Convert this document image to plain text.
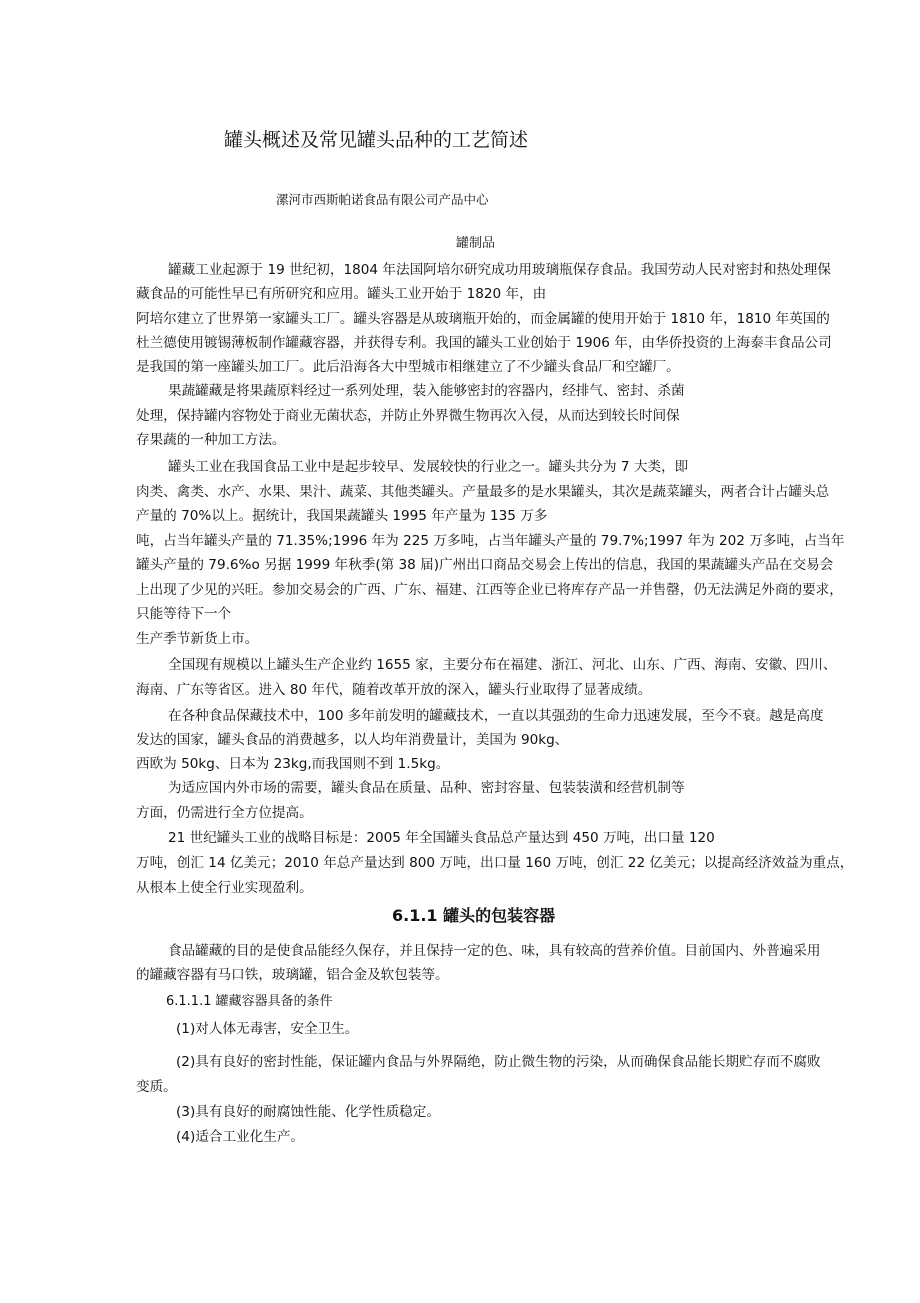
罐头概述及常见罐头品种的工艺简述
漯河市西斯帕诺食品有限公司产品中心
罐制品
罐藏工业起源于 19 世纪初，1804 年法国阿培尔研究成功用玻璃瓶保存食品。我国劳动人民对密封和热处理保
藏食品的可能性早已有所研究和应用。罐头工业开始于 1820 年，由
阿培尔建立了世界第一家罐头工厂。罐头容器是从玻璃瓶开始的，而金属罐的使用开始于 1810 年，1810 年英国的
杜兰德使用镀锡薄板制作罐藏容器，并获得专利。我国的罐头工业创始于 1906 年，由华侨投资的上海泰丰食品公司
是我国的第一座罐头加工厂。此后沿海各大中型城市相继建立了不少罐头食品厂和空罐厂。
果蔬罐藏是将果蔬原料经过一系列处理，装入能够密封的容器内，经排气、密封、杀菌
处理，保持罐内容物处于商业无菌状态，并防止外界微生物再次入侵，从而达到较长时间保
存果蔬的一种加工方法。
罐头工业在我国食品工业中是起步较早、发展较快的行业之一。罐头共分为 7 大类，即
肉类、禽类、水产、水果、果汁、蔬菜、其他类罐头。产量最多的是水果罐头，其次是蔬菜罐头，两者合计占罐头总
产量的 70%以上。据统计，我国果蔬罐头 1995 年产量为 135 万多
吨，占当年罐头产量的 71.35%;1996 年为 225 万多吨，占当年罐头产量的 79.7%;1997 年为 202 万多吨，占当年
罐头产量的 79.6%o 另据 1999 年秋季(第 38 届)广州出口商品交易会上传出的信息，我国的果蔬罐头产品在交易会
上出现了少见的兴旺。参加交易会的广西、广东、福建、江西等企业已将库存产品一并售罄，仍无法满足外商的要求，
只能等待下一个
生产季节新货上市。
全国现有规模以上罐头生产企业约 1655 家，主要分布在福建、浙江、河北、山东、广西、海南、安徽、四川、
海南、广东等省区。进入 80 年代，随着改革开放的深入，罐头行业取得了显著成绩。
在各种食品保藏技术中，100 多年前发明的罐藏技术，一直以其强劲的生命力迅速发展，至今不衰。越是高度
发达的国家，罐头食品的消费越多，以人均年消费量计，美国为 90kg、
西欧为 50kg、日本为 23kg,而我国则不到 1.5kg。
为适应国内外市场的需要，罐头食品在质量、品种、密封容量、包装装潢和经营机制等
方面，仍需进行全方位提高。
21 世纪罐头工业的战略目标是：2005 年全国罐头食品总产量达到 450 万吨，出口量 120
万吨，创汇 14 亿美元；2010 年总产量达到 800 万吨，出口量 160 万吨，创汇 22 亿美元；以提高经济效益为重点，
从根本上使全行业实现盈利。
6.1.1 罐头的包装容器
食品罐藏的目的是使食品能经久保存，并且保持一定的色、味，具有较高的营养价值。目前国内、外普遍采用
的罐藏容器有马口铁，玻璃罐，铝合金及软包装等。
6.1.1.1 罐藏容器具备的条件
(1)对人体无毒害，安全卫生。
(2)具有良好的密封性能，保证罐内食品与外界隔绝，防止微生物的污染，从而确保食品能长期贮存而不腐败
变质。
(3)具有良好的耐腐蚀性能、化学性质稳定。
(4)适合工业化生产。
